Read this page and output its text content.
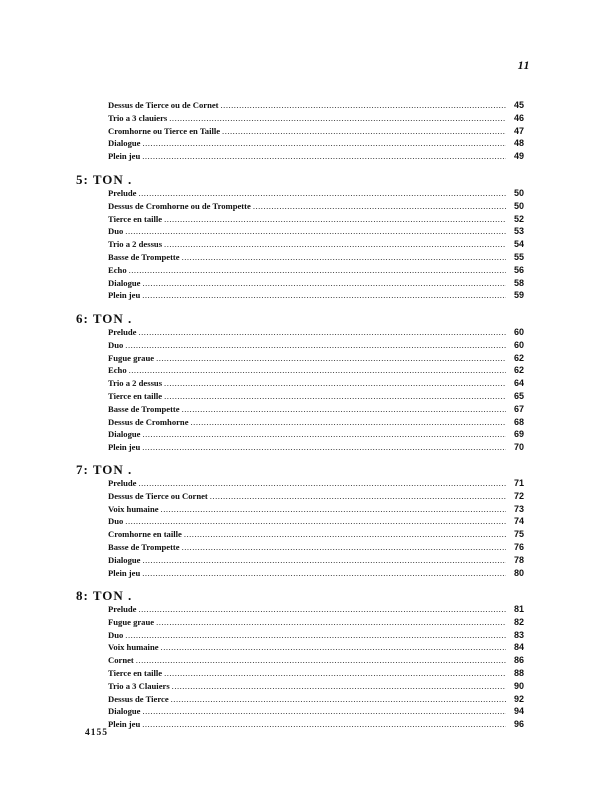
11
Dessus de Tierce ou de Cornet .....	45
Trio a 3 clauiers .....	46
Cromhorne ou Tierce en Taille .....	47
Dialogue .....	48
Plein jeu .....	49
5: TON .
Prelude .....	50
Dessus de Cromhorne ou de Trompette .....	50
Tierce en taille .....	52
Duo .....	53
Trio a 2 dessus .....	54
Basse de Trompette .....	55
Echo .....	56
Dialogue .....	58
Plein jeu .....	59
6: TON .
Prelude .....	60
Duo .....	60
Fugue graue .....	62
Echo .....	62
Trio a 2 dessus .....	64
Tierce en taille .....	65
Basse de Trompette .....	67
Dessus de Cromhorne .....	68
Dialogue .....	69
Plein jeu .....	70
7: TON .
Prelude .....	71
Dessus de Tierce ou Cornet .....	72
Voix humaine .....	73
Duo .....	74
Cromhorne en taille .....	75
Basse de Trompette .....	76
Dialogue .....	78
Plein jeu .....	80
8: TON .
Prelude .....	81
Fugue graue .....	82
Duo .....	83
Voix humaine .....	84
Cornet .....	86
Tierce en taille .....	88
Trio a 3 Clauiers .....	90
Dessus de Tierce .....	92
Dialogue .....	94
Plein jeu .....	96
4155
